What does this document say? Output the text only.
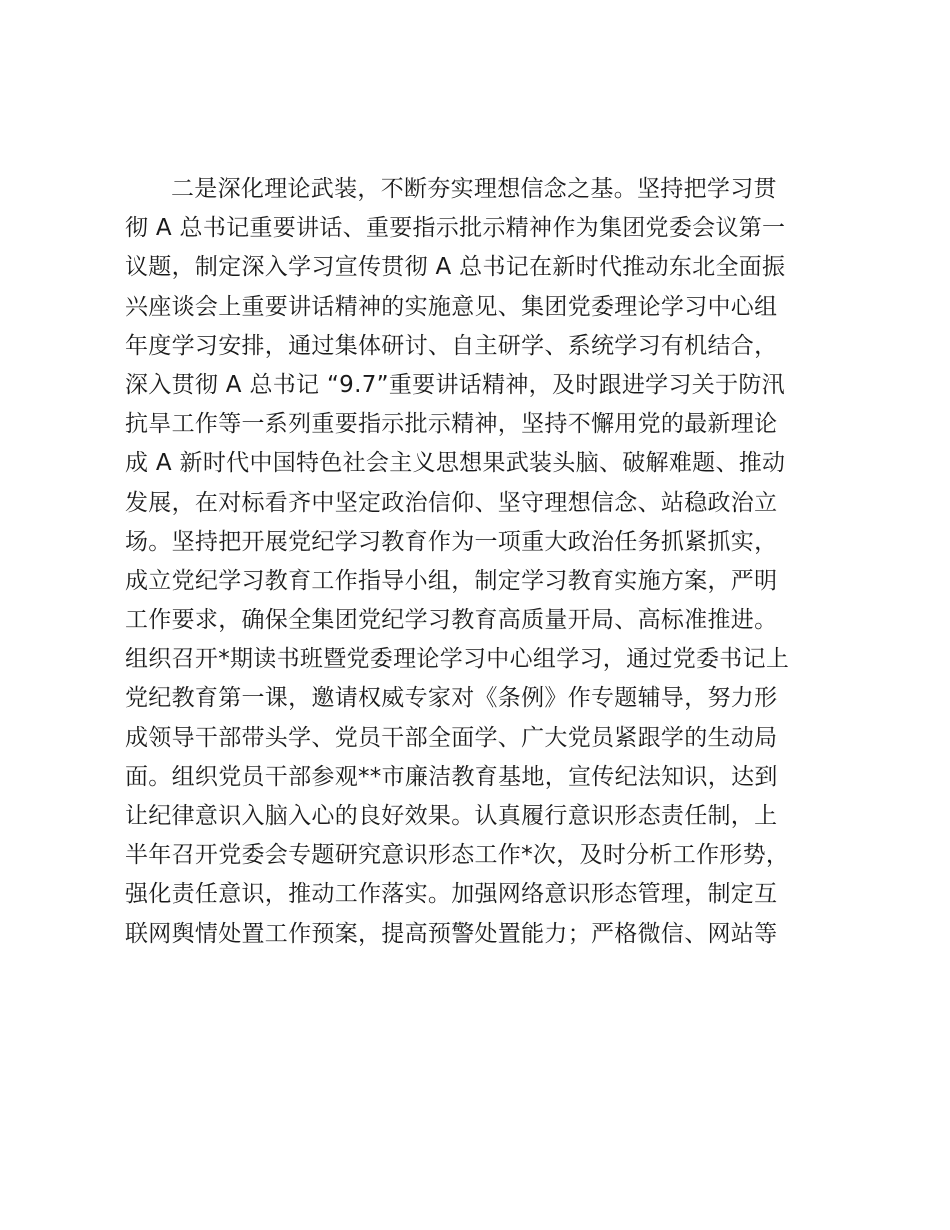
二是深化理论武装，不断夯实理想信念之基。坚持把学习贯
彻 A 总书记重要讲话、重要指示批示精神作为集团党委会议第一
议题，制定深入学习宣传贯彻 A 总书记在新时代推动东北全面振
兴座谈会上重要讲话精神的实施意见、集团党委理论学习中心组
年度学习安排，通过集体研讨、自主研学、系统学习有机结合，
深入贯彻 A 总书记 “9.7”重要讲话精神，及时跟进学习关于防汛
抗旱工作等一系列重要指示批示精神，坚持不懈用党的最新理论
成 A 新时代中国特色社会主义思想果武装头脑、破解难题、推动
发展，在对标看齐中坚定政治信仰、坚守理想信念、站稳政治立
场。坚持把开展党纪学习教育作为一项重大政治任务抓紧抓实，
成立党纪学习教育工作指导小组，制定学习教育实施方案，严明
工作要求，确保全集团党纪学习教育高质量开局、高标准推进。
组织召开*期读书班暨党委理论学习中心组学习，通过党委书记上
党纪教育第一课，邀请权威专家对《条例》作专题辅导，努力形
成领导干部带头学、党员干部全面学、广大党员紧跟学的生动局
面。组织党员干部参观**市廉洁教育基地，宣传纪法知识，达到
让纪律意识入脑入心的良好效果。认真履行意识形态责任制，上
半年召开党委会专题研究意识形态工作*次，及时分析工作形势，
强化责任意识，推动工作落实。加强网络意识形态管理，制定互
联网舆情处置工作预案，提高预警处置能力；严格微信、网站等
